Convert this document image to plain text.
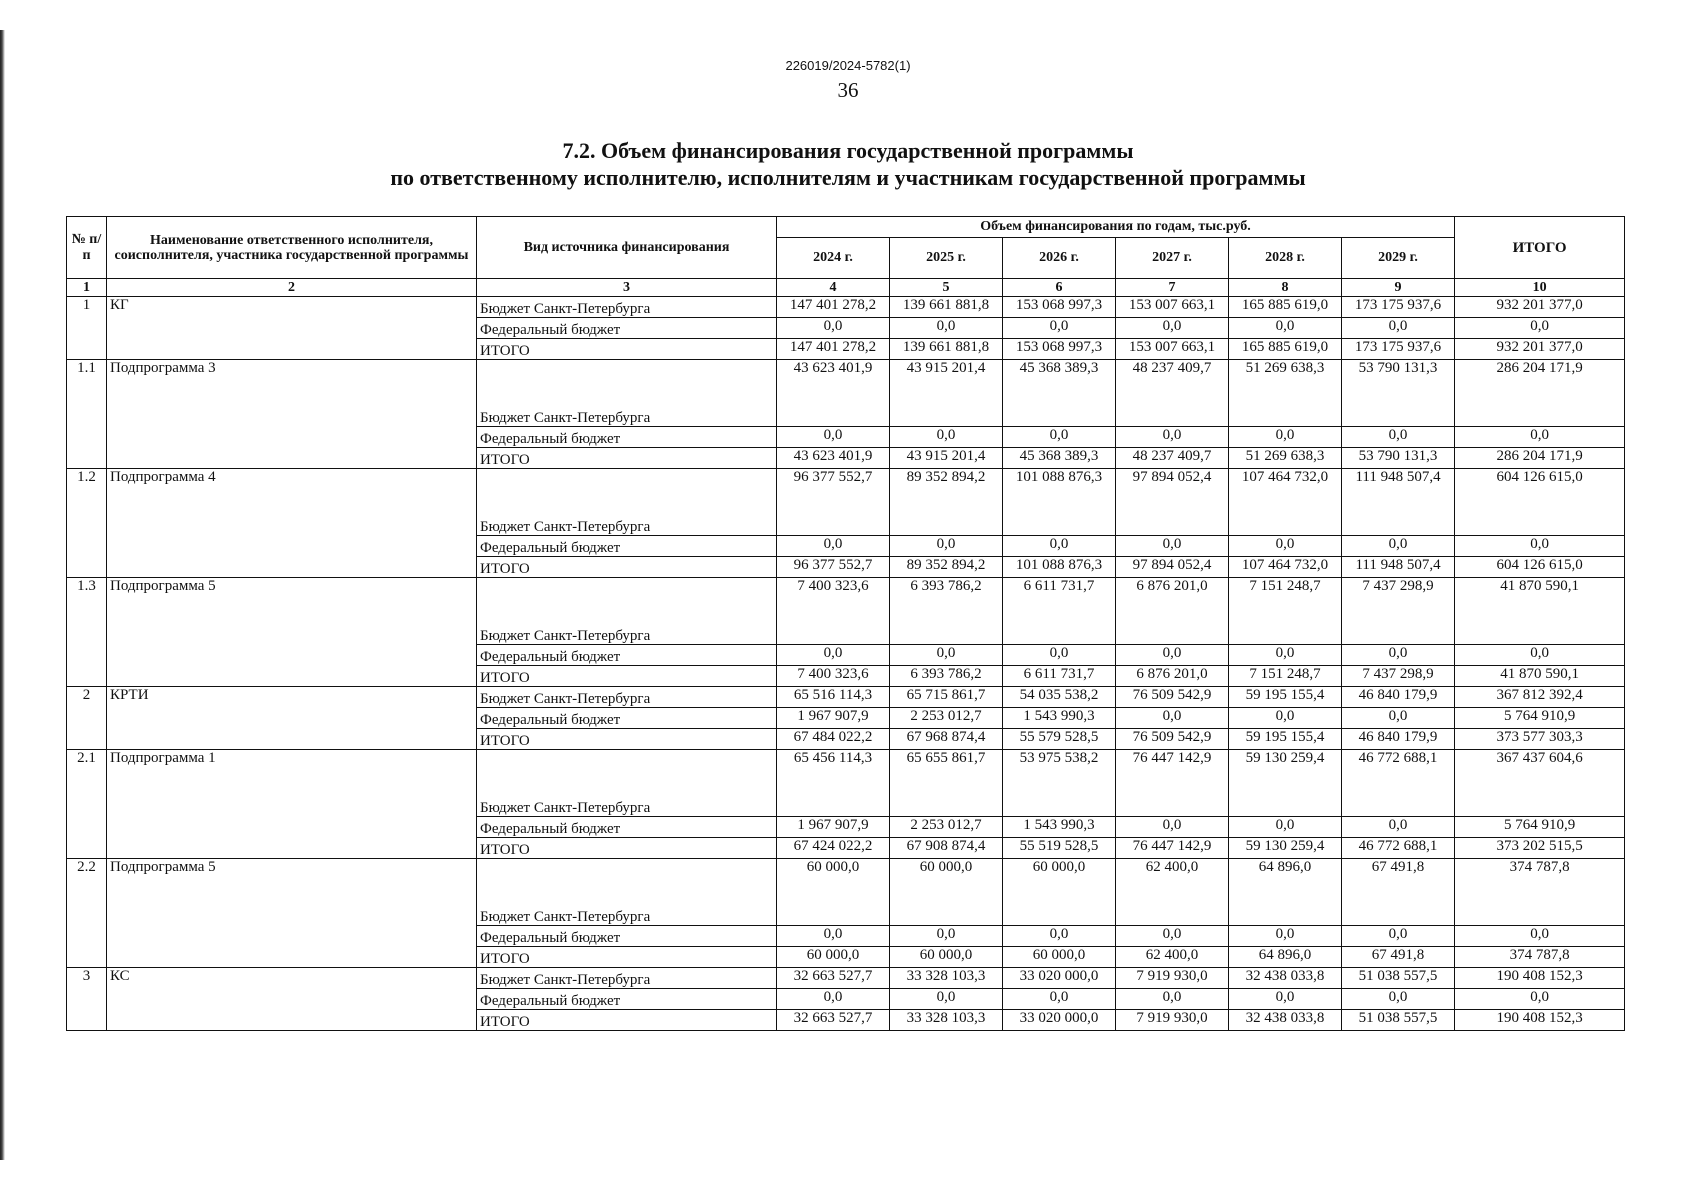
226019/2024-5782(1)
36
7.2. Объем финансирования государственной программы
по ответственному исполнителю, исполнителям и участникам государственной программы
№ п/п	Наименование ответственного исполнителя, соисполнителя, участника государственной программы	Вид источника финансирования	Объем финансирования по годам, тыс.руб.						ИТОГО
			2024 г.	2025 г.	2026 г.	2027 г.	2028 г.	2029 г.	
1	2	3	4	5	6	7	8	9	10
1	КГ	Бюджет Санкт-Петербурга	147 401 278,2	139 661 881,8	153 068 997,3	153 007 663,1	165 885 619,0	173 175 937,6	932 201 377,0
		Федеральный бюджет	0,0	0,0	0,0	0,0	0,0	0,0	0,0
		ИТОГО	147 401 278,2	139 661 881,8	153 068 997,3	153 007 663,1	165 885 619,0	173 175 937,6	932 201 377,0
1.1	Подпрограмма 3	Бюджет Санкт-Петербурга	43 623 401,9	43 915 201,4	45 368 389,3	48 237 409,7	51 269 638,3	53 790 131,3	286 204 171,9
		Федеральный бюджет	0,0	0,0	0,0	0,0	0,0	0,0	0,0
		ИТОГО	43 623 401,9	43 915 201,4	45 368 389,3	48 237 409,7	51 269 638,3	53 790 131,3	286 204 171,9
1.2	Подпрограмма 4	Бюджет Санкт-Петербурга	96 377 552,7	89 352 894,2	101 088 876,3	97 894 052,4	107 464 732,0	111 948 507,4	604 126 615,0
		Федеральный бюджет	0,0	0,0	0,0	0,0	0,0	0,0	0,0
		ИТОГО	96 377 552,7	89 352 894,2	101 088 876,3	97 894 052,4	107 464 732,0	111 948 507,4	604 126 615,0
1.3	Подпрограмма 5	Бюджет Санкт-Петербурга	7 400 323,6	6 393 786,2	6 611 731,7	6 876 201,0	7 151 248,7	7 437 298,9	41 870 590,1
		Федеральный бюджет	0,0	0,0	0,0	0,0	0,0	0,0	0,0
		ИТОГО	7 400 323,6	6 393 786,2	6 611 731,7	6 876 201,0	7 151 248,7	7 437 298,9	41 870 590,1
2	КРТИ	Бюджет Санкт-Петербурга	65 516 114,3	65 715 861,7	54 035 538,2	76 509 542,9	59 195 155,4	46 840 179,9	367 812 392,4
		Федеральный бюджет	1 967 907,9	2 253 012,7	1 543 990,3	0,0	0,0	0,0	5 764 910,9
		ИТОГО	67 484 022,2	67 968 874,4	55 579 528,5	76 509 542,9	59 195 155,4	46 840 179,9	373 577 303,3
2.1	Подпрограмма 1	Бюджет Санкт-Петербурга	65 456 114,3	65 655 861,7	53 975 538,2	76 447 142,9	59 130 259,4	46 772 688,1	367 437 604,6
		Федеральный бюджет	1 967 907,9	2 253 012,7	1 543 990,3	0,0	0,0	0,0	5 764 910,9
		ИТОГО	67 424 022,2	67 908 874,4	55 519 528,5	76 447 142,9	59 130 259,4	46 772 688,1	373 202 515,5
2.2	Подпрограмма 5	Бюджет Санкт-Петербурга	60 000,0	60 000,0	60 000,0	62 400,0	64 896,0	67 491,8	374 787,8
		Федеральный бюджет	0,0	0,0	0,0	0,0	0,0	0,0	0,0
		ИТОГО	60 000,0	60 000,0	60 000,0	62 400,0	64 896,0	67 491,8	374 787,8
3	КС	Бюджет Санкт-Петербурга	32 663 527,7	33 328 103,3	33 020 000,0	7 919 930,0	32 438 033,8	51 038 557,5	190 408 152,3
		Федеральный бюджет	0,0	0,0	0,0	0,0	0,0	0,0	0,0
		ИТОГО	32 663 527,7	33 328 103,3	33 020 000,0	7 919 930,0	32 438 033,8	51 038 557,5	190 408 152,3
